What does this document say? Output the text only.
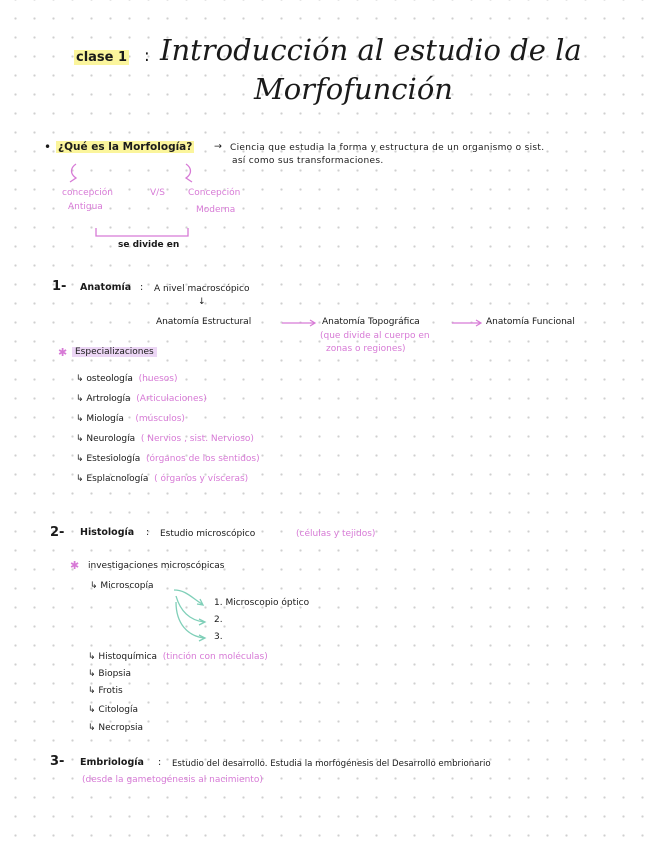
clase 1 : Introducción al estudio de la
Morfofunción
• ¿Qué es la Morfología? → Ciencia que estudia la forma y estructura de un organismo o sist.
así como sus transformaciones.
concepción
Antigua
V/S	Concepción
Moderna
se divide en
1- Anatomía : A nivel macroscópico
↓
Anatomía Estructural	Anatomía Topográfica	Anatomía Funcional
(que divide al cuerpo en
zonas o regiones)
✱ Especializaciones
↳ osteología (huesos)
↳ Artrología (Articulaciones)
↳ Miología (músculos)
↳ Neurología ( Nervios , sist. Nervioso)
↳ Estesiología (órganos de los sentidos)
↳ Esplacnología ( órganos y vísceras)
2- Histología : Estudio microscópico	(células y tejidos)
✱ investigaciones microscópicas
↳ Microscopía
1. Microscopio óptico
2.
3.
↳ Histoquímica (tinción con moléculas)
↳ Biopsia
↳ Frotis
↳ Citología
↳ Necropsia
3- Embriología : Estudio del desarrollo. Estudia la morfogénesis del Desarrollo embrionario
(desde la gametogénesis al nacimiento)
